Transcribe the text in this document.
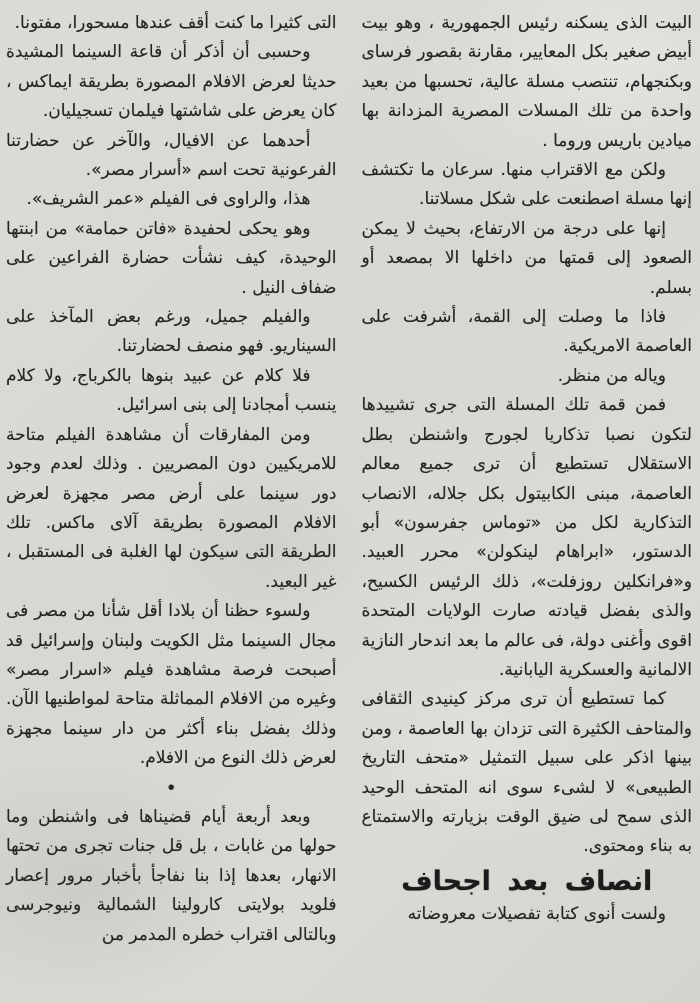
البيت الذى يسكنه رئيس الجمهورية ، وهو بيت أبيض صغير بكل المعايير، مقارنة بقصور فرساى وبكنجهام، تنتصب مسلة عالية، تحسبها من بعيد واحدة من تلك المسلات المصرية المزدانة بها ميادين باريس وروما .

ولكن مع الاقتراب منها. سرعان ما تكتشف إنها مسلة اصطنعت على شكل مسلاتنا.

إنها على درجة من الارتفاع، بحيث لا يمكن الصعود إلى قمتها من داخلها الا بمصعد أو بسلم.

فاذا ما وصلت إلى القمة، أشرفت على العاصمة الامريكية.

وياله من منظر.

فمن قمة تلك المسلة التى جرى تشييدها لتكون نصبا تذكاريا لجورج واشنطن بطل الاستقلال تستطيع أن ترى جميع معالم العاصمة، مبنى الكابيتول بكل جلاله، الانصاب التذكارية لكل من «توماس جفرسون» أبو الدستور، «ابراهام لينكولن» محرر العبيد. و«فرانكلين روزفلت»، ذلك الرئيس الكسيح، والذى بفضل قيادته صارت الولايات المتحدة اقوى وأغنى دولة، فى عالم ما بعد اندحار النازية الالمانية والعسكرية اليابانية.

كما تستطيع أن ترى مركز كينيدى الثقافى والمتاحف الكثيرة التى تزدان بها العاصمة ، ومن بينها اذكر على سبيل التمثيل «متحف التاريخ الطبيعى» لا لشىء سوى انه المتحف الوحيد الذى سمح لى ضيق الوقت بزيارته والاستمتاع به بناء ومحتوى.

انصاف بعد اجحاف

ولست أنوى كتابة تفصيلات معروضاته

التى كثيرا ما كنت أقف عندها مسحورا، مفتونا.

وحسبى أن أذكر أن قاعة السينما المشيدة حديثا لعرض الافلام المصورة بطريقة ايماكس ، كان يعرض على شاشتها فيلمان تسجيليان.

أحدهما عن الافيال، والآخر عن حضارتنا الفرعونية تحت اسم «أسرار مصر».

هذا، والراوى فى الفيلم «عمر الشريف».

وهو يحكى لحفيدة «فاتن حمامة» من ابنتها الوحيدة، كيف نشأت حضارة الفراعين على ضفاف النيل .

والفيلم جميل، ورغم بعض المآخذ على السيناريو. فهو منصف لحضارتنا.

فلا كلام عن عبيد بنوها بالكرباج، ولا كلام ينسب أمجادنا إلى بنى اسرائيل.

ومن المفارقات أن مشاهدة الفيلم متاحة للامريكيين دون المصريين . وذلك لعدم وجود دور سينما على أرض مصر مجهزة لعرض الافلام المصورة بطريقة آلاى ماكس. تلك الطريقة التى سيكون لها الغلبة فى المستقبل ، غير البعيد.

ولسوء حظنا أن بلادا أقل شأنا من مصر فى مجال السينما مثل الكويت ولبنان وإسرائيل قد أصبحت فرصة مشاهدة فيلم «اسرار مصر» وغيره من الافلام المماثلة متاحة لمواطنيها الآن. وذلك بفضل بناء أكثر من دار سينما مجهزة لعرض ذلك النوع من الافلام.

•

وبعد أربعة أيام قضيناها فى واشنطن وما حولها من غابات ، بل قل جنات تجرى من تحتها الانهار، بعدها إذا بنا نفاجأ بأخبار مرور إعصار فلويد بولايتى كارولينا الشمالية ونيوجرسى وبالتالى اقتراب خطره المدمر من
